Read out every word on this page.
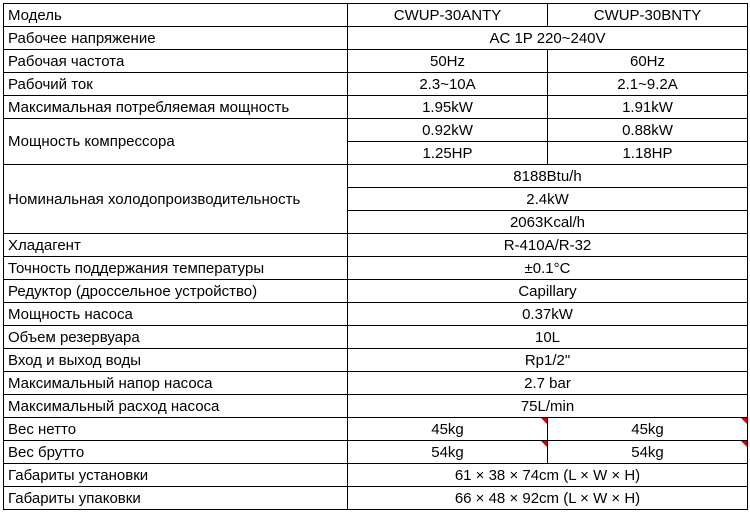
Модель	CWUP-30ANTY	CWUP-30BNTY
Рабочее напряжение	AC 1P 220~240V	
Рабочая частота	50Hz	60Hz
Рабочий ток	2.3~10A	2.1~9.2A
Максимальная потребляемая мощность	1.95kW	1.91kW
Мощность компрессора	0.92kW	0.88kW
	1.25HP	1.18HP
Номинальная холодопроизводительность	8188Btu/h	
	2.4kW	
	2063Kcal/h	
Хладагент	R-410A/R-32	
Точность поддержания температуры	±0.1°C	
Редуктор (дроссельное устройство)	Capillary	
Мощность насоса	0.37kW	
Объем резервуара	10L	
Вход и выход воды	Rp1/2"	
Максимальный напор насоса	2.7 bar	
Максимальный расход насоса	75L/min	
Вес нетто	45kg	45kg
Вес брутто	54kg	54kg
Габариты установки	61 × 38 × 74cm (L × W × H)	
Габариты упаковки	66 × 48 × 92cm (L × W × H)	
